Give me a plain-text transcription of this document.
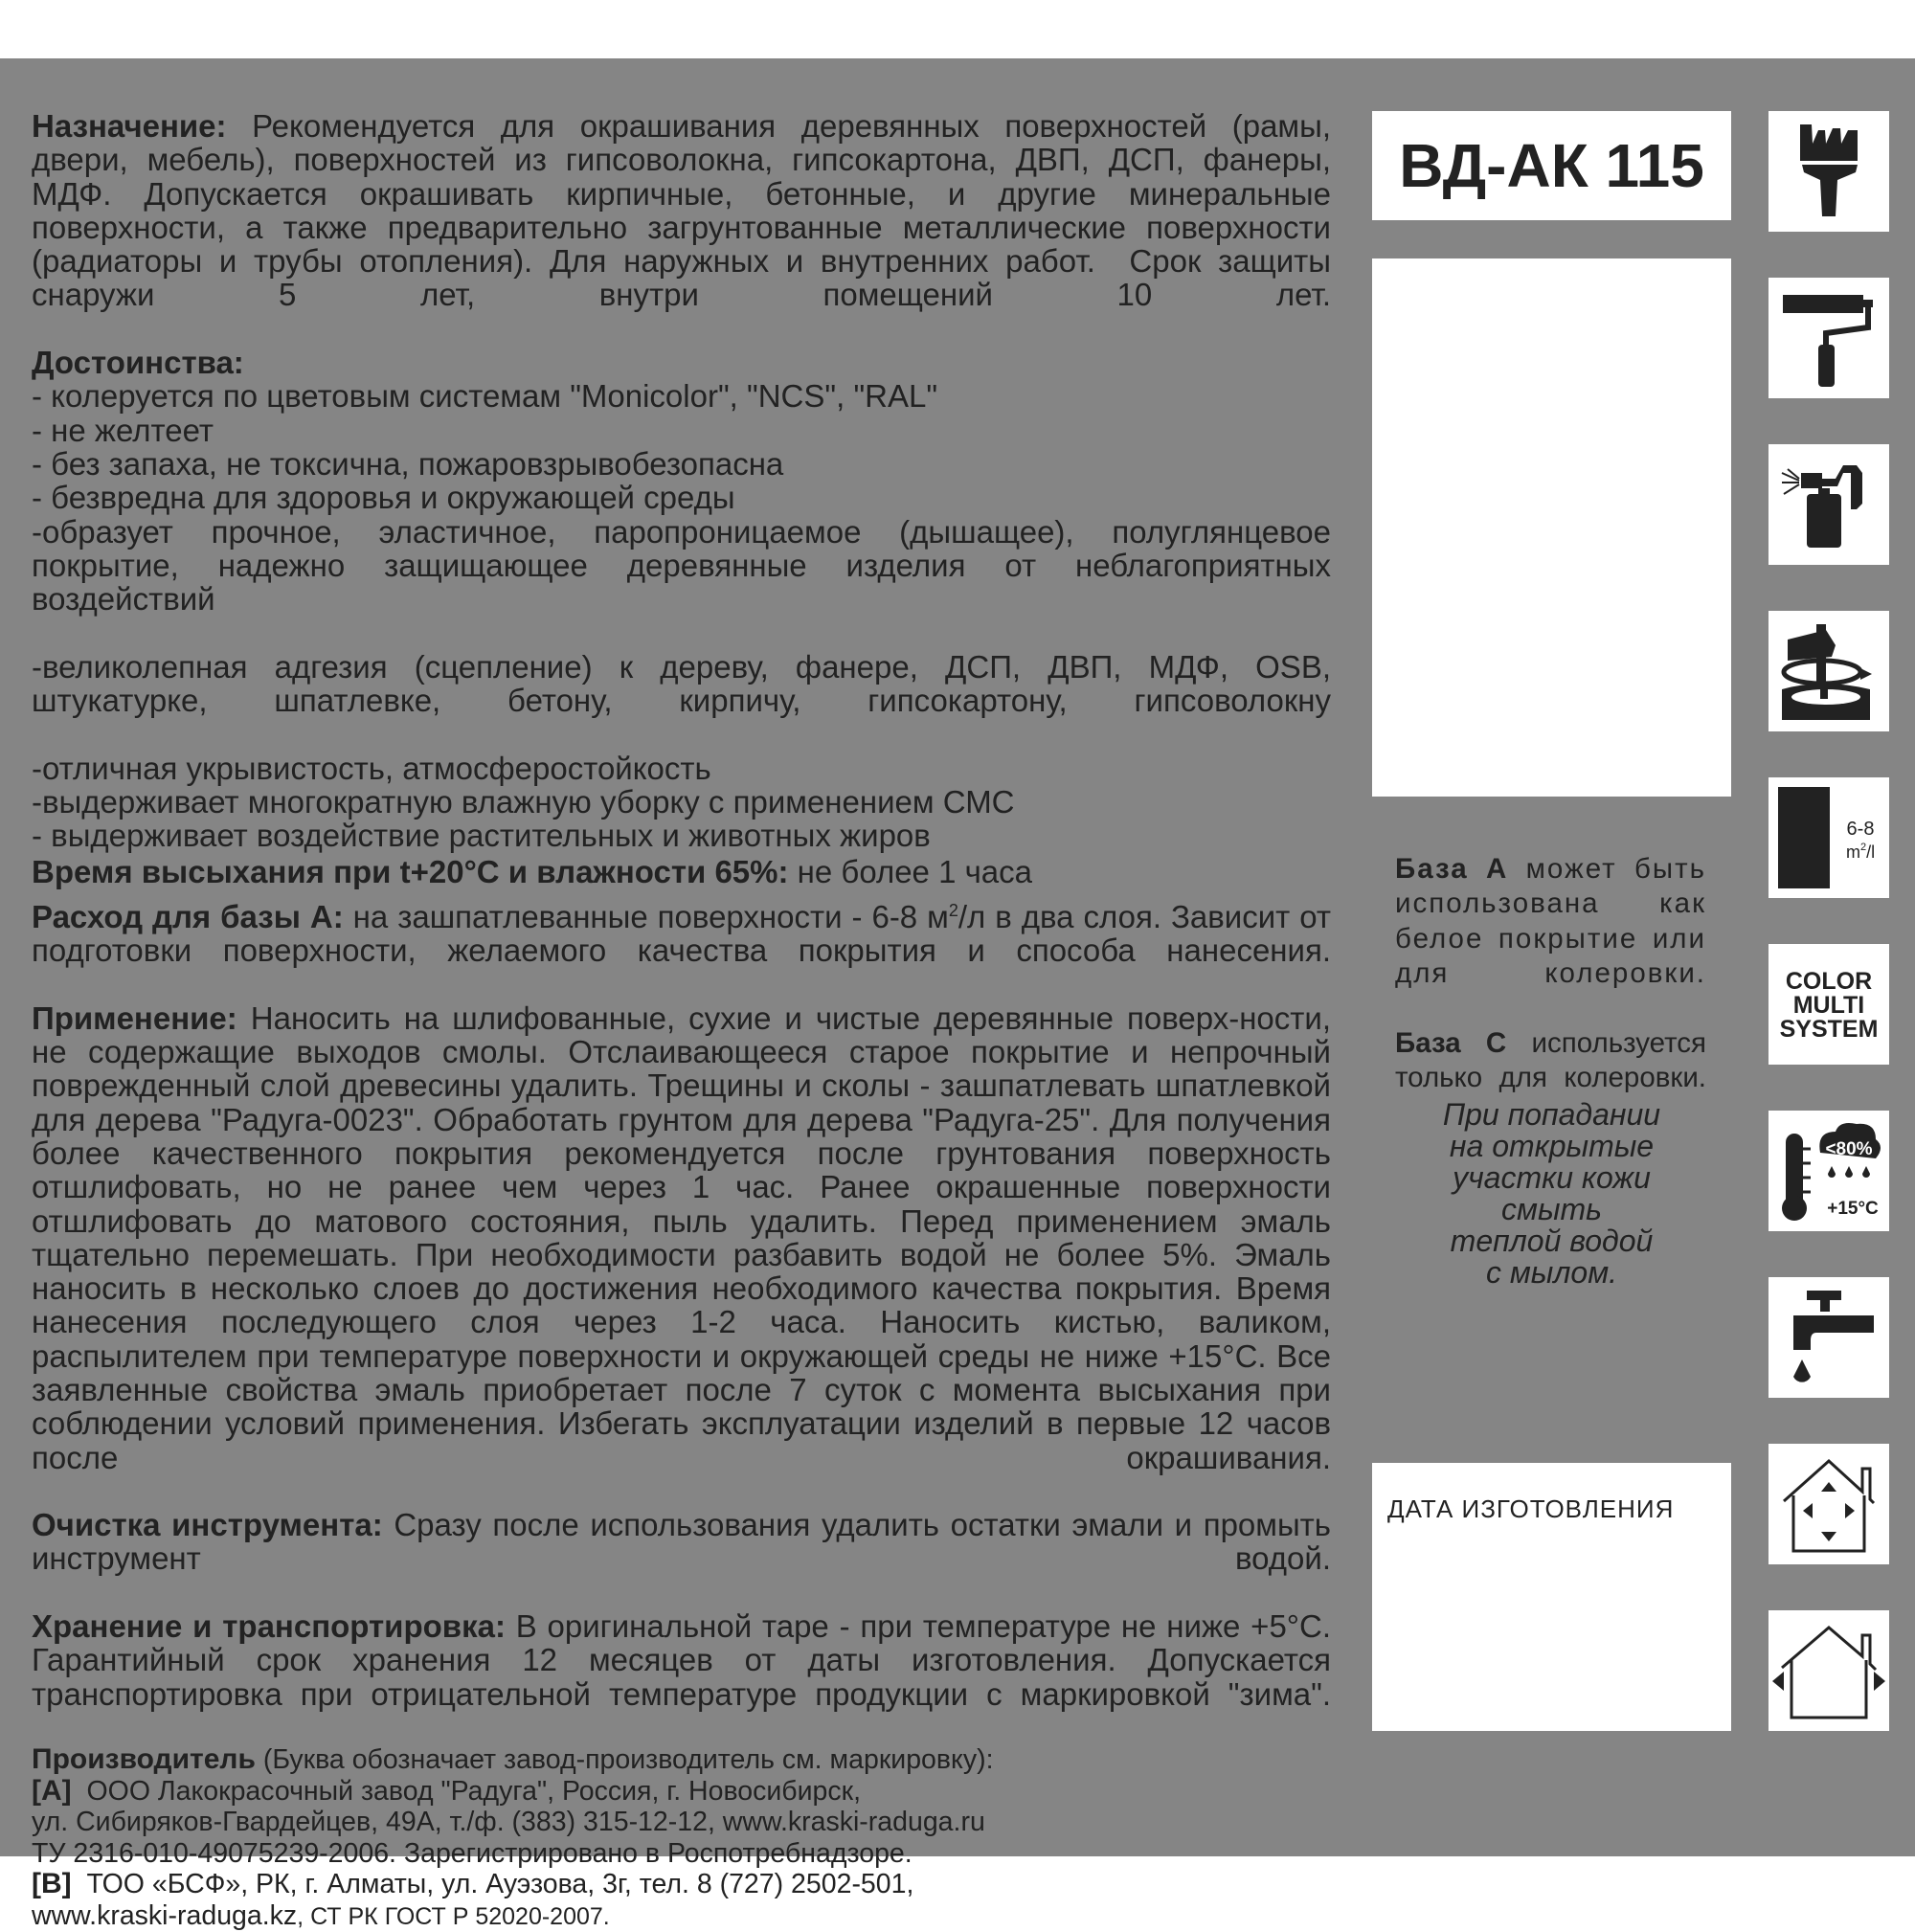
Назначение: Рекомендуется для окрашивания деревянных поверхностей (рамы, двери, мебель), поверхностей из гипсоволокна, гипсокартона, ДВП, ДСП, фанеры, МДФ. Допускается окрашивать кирпичные, бетонные, и другие минеральные поверхности, а также предварительно загрунтованные металлические поверхности (радиаторы и трубы отопления). Для наружных и внутренних работ. Срок защиты снаружи 5 лет, внутри помещений 10 лет.

Достоинства:

- колеруется по цветовым системам "Monicolor", "NCS", "RAL"

- не желтеет

- без запаха, не токсична, пожаровзрывобезопасна

- безвредна для здоровья и окружающей среды

-образует прочное, эластичное, паропроницаемое (дышащее), полуглянцевое покрытие, надежно защищающее деревянные изделия от неблагоприятных воздействий

-великолепная адгезия (сцепление) к дереву, фанере, ДСП, ДВП, МДФ, OSB, штукатурке, шпатлевке, бетону, кирпичу, гипсокартону, гипсоволокну

-отличная укрывистость, атмосферостойкость

-выдерживает многократную влажную уборку с применением СМС

- выдерживает воздействие растительных и животных жиров

Время высыхания при t+20°C и влажности 65%: не более 1 часа

Расход для базы А: на зашпатлеванные поверхности - 6-8 $м^2/л$ в два слоя. Зависит от подготовки поверхности, желаемого качества покрытия и способа нанесения.

Применение: Наносить на шлифованные, сухие и чистые деревянные поверх-ности, не содержащие выходов смолы. Отслаивающееся старое покрытие и непрочный поврежденный слой древесины удалить. Трещины и сколы - зашпатлевать шпатлевкой для дерева "Радуга-0023". Обработать грунтом для дерева "Радуга-25". Для получения более качественного покрытия рекомендуется после грунтования поверхность отшлифовать, но не ранее чем через 1 час. Ранее окрашенные поверхности отшлифовать до матового состояния, пыль удалить. Перед применением эмаль тщательно перемешать. При необходимости разбавить водой не более 5%. Эмаль наносить в несколько слоев до достижения необходимого качества покрытия. Время нанесения последующего слоя через 1-2 часа. Наносить кистью, валиком, распылителем при температуре поверхности и окружающей среды не ниже +15°С. Все заявленные свойства эмаль приобретает после 7 суток с момента высыхания при соблюдении условий применения. Избегать эксплуатации изделий в первые 12 часов после окрашивания.

Очистка инструмента: Сразу после использования удалить остатки эмали и промыть инструмент водой.

Хранение и транспортировка: В оригинальной таре - при температуре не ниже +5°С. Гарантийный срок хранения 12 месяцев от даты изготовления. Допускается транспортировка при отрицательной температуре продукции с маркировкой "зима".

Производитель (Буква обозначает завод-производитель см. маркировку):

[А] ООО Лакокрасочный завод "Радуга", Россия, г. Новосибирск,

ул. Сибиряков-Гвардейцев, 49А, т./ф. (383) 315-12-12, www.kraski-raduga.ru

ТУ 2316-010-49075239-2006. Зарегистрировано в Роспотребнадзоре.

[В] ТОО «БСФ», РК, г. Алматы, ул. Ауэзова, 3г, тел. 8 (727) 2502-501,

www.kraski-raduga.kz, СТ РК ГОСТ Р 52020-2007.

ВД-АК 115

База А может быть использована как белое покрытие или для колеровки.

База С используется только для колеровки.

При попадании

на открытые

участки кожи

смыть

теплой водой

с мылом.

ДАТА ИЗГОТОВЛЕНИЯ
6-8
$m^2/l$
COLOR
MULTI
SYSTEM
<80%
+15°C
